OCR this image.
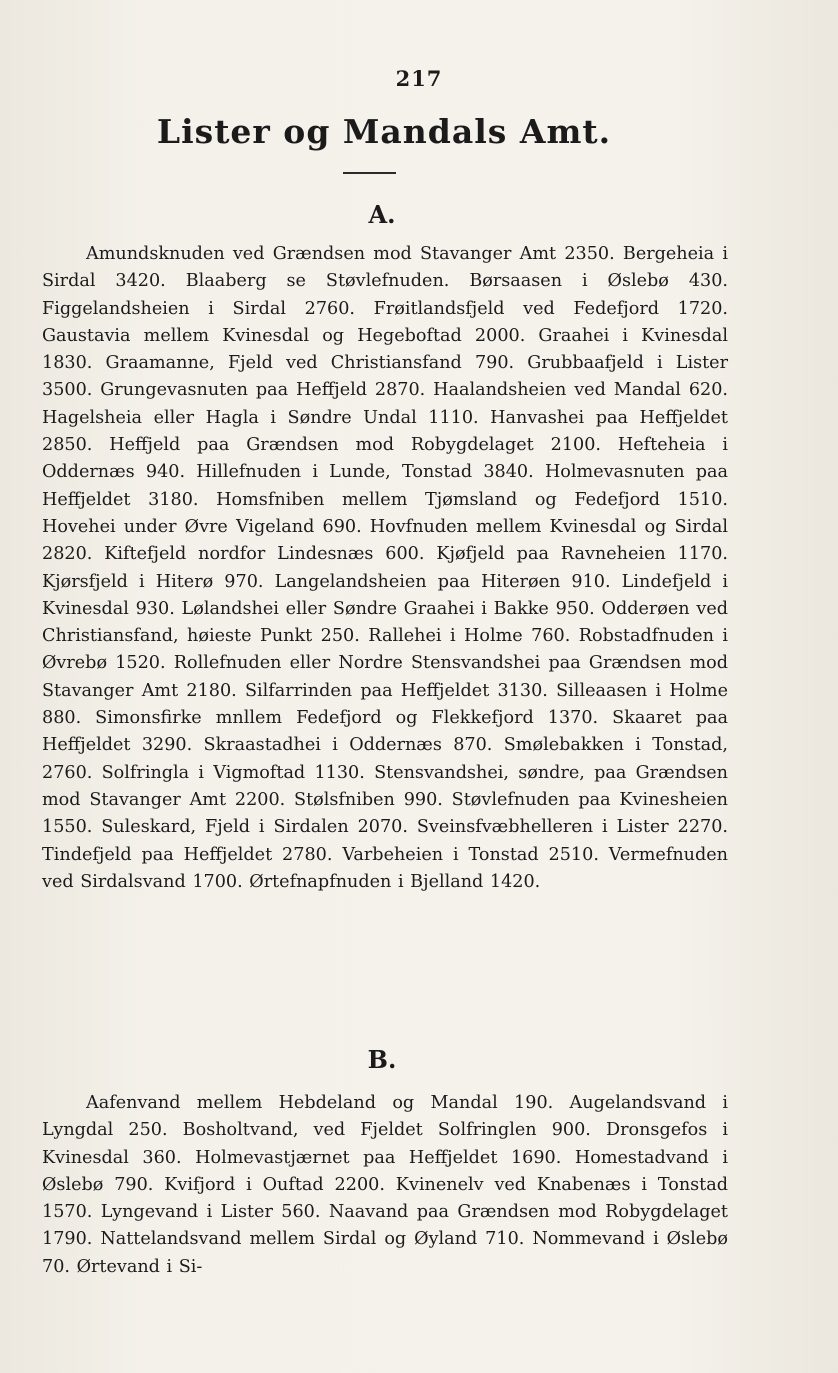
217
Lister og Mandals Amt.
A.

Amundsknuden ved Grændsen mod Stavanger Amt 2350. Bergeheia i Sirdal 3420. Blaaberg se Støvlefnuden. Børsaasen i Øslebø 430. Figgelandsheien i Sirdal 2760. Frøitlandsfjeld ved Fedefjord 1720. Gaustavia mellem Kvinesdal og Hegeboftad 2000. Graahei i Kvinesdal 1830. Graamanne, Fjeld ved Christiansfand 790. Grubbaafjeld i Lister 3500. Grungevasnuten paa Heffjeld 2870. Haalandsheien ved Mandal 620. Hagelsheia eller Hagla i Søndre Undal 1110. Hanvashei paa Heffjeldet 2850. Heffjeld paa Grændsen mod Robygdelaget 2100. Hefteheia i Oddernæs 940. Hillefnuden i Lunde, Tonstad 3840. Holmevasnuten paa Heffjeldet 3180. Homsfniben mellem Tjømsland og Fedefjord 1510. Hovehei under Øvre Vigeland 690. Hovfnuden mellem Kvinesdal og Sirdal 2820. Kiftefjeld nordfor Lindesnæs 600. Kjøfjeld paa Ravneheien 1170. Kjørsfjeld i Hiterø 970. Langelandsheien paa Hiterøen 910. Lindefjeld i Kvinesdal 930. Lølandshei eller Søndre Graahei i Bakke 950. Odderøen ved Christiansfand, høieste Punkt 250. Rallehei i Holme 760. Robstadfnuden i Øvrebø 1520. Rollefnuden eller Nordre Stensvandshei paa Grændsen mod Stavanger Amt 2180. Silfarrinden paa Heffjeldet 3130. Silleaasen i Holme 880. Simonsfirke mnllem Fedefjord og Flekkefjord 1370. Skaaret paa Heffjeldet 3290. Skraastadhei i Oddernæs 870. Smølebakken i Tonstad, 2760. Solfringla i Vigmoftad 1130. Stensvandshei, søndre, paa Grændsen mod Stavanger Amt 2200. Stølsfniben 990. Støvlefnuden paa Kvinesheien 1550. Suleskard, Fjeld i Sirdalen 2070. Sveinsfvæbhelleren i Lister 2270. Tindefjeld paa Heffjeldet 2780. Varbeheien i Tonstad 2510. Vermefnuden ved Sirdalsvand 1700. Ørtefnapfnuden i Bjelland 1420.

B.

Aafenvand mellem Hebdeland og Mandal 190. Augelandsvand i Lyngdal 250. Bosholtvand, ved Fjeldet Solfringlen 900. Dronsgefos i Kvinesdal 360. Holmevastjærnet paa Heffjeldet 1690. Homestadvand i Øslebø 790. Kvifjord i Ouftad 2200. Kvinenelv ved Knabenæs i Tonstad 1570. Lyngevand i Lister 560. Naavand paa Grændsen mod Robygdelaget 1790. Nattelandsvand mellem Sirdal og Øyland 710. Nommevand i Øslebø 70. Ørtevand i Si-
